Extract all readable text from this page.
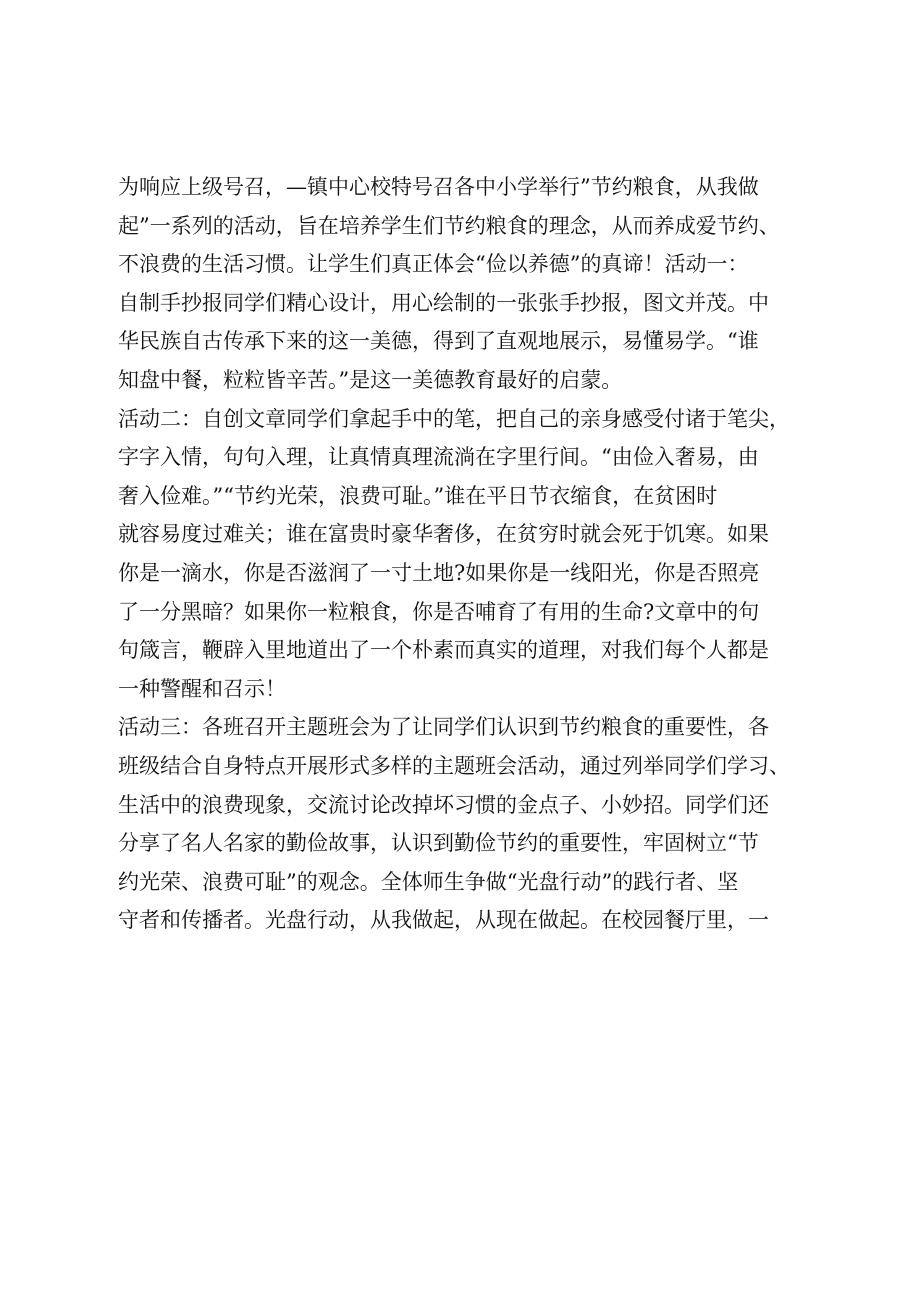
为响应上级号召，—镇中心校特号召各中小学举行”节约粮食，从我做
起”一系列的活动，旨在培养学生们节约粮食的理念，从而养成爱节约、
不浪费的生活习惯。让学生们真正体会“俭以养德”的真谛！活动一：
自制手抄报同学们精心设计，用心绘制的一张张手抄报，图文并茂。中
华民族自古传承下来的这一美德，得到了直观地展示，易懂易学。“谁
知盘中餐，粒粒皆辛苦。”是这一美德教育最好的启蒙。
活动二：自创文章同学们拿起手中的笔，把自己的亲身感受付诸于笔尖，
字字入情，句句入理，让真情真理流淌在字里行间。“由俭入奢易，由
奢入俭难。”“节约光荣，浪费可耻。”谁在平日节衣缩食，在贫困时
就容易度过难关；谁在富贵时豪华奢侈，在贫穷时就会死于饥寒。如果
你是一滴水，你是否滋润了一寸土地?如果你是一线阳光，你是否照亮
了一分黑暗？如果你一粒粮食，你是否哺育了有用的生命?文章中的句
句箴言，鞭辟入里地道出了一个朴素而真实的道理，对我们每个人都是
一种警醒和召示！
活动三：各班召开主题班会为了让同学们认识到节约粮食的重要性，各
班级结合自身特点开展形式多样的主题班会活动，通过列举同学们学习、
生活中的浪费现象，交流讨论改掉坏习惯的金点子、小妙招。同学们还
分享了名人名家的勤俭故事，认识到勤俭节约的重要性，牢固树立“节
约光荣、浪费可耻”的观念。全体师生争做“光盘行动”的践行者、坚
守者和传播者。光盘行动，从我做起，从现在做起。在校园餐厅里，一
